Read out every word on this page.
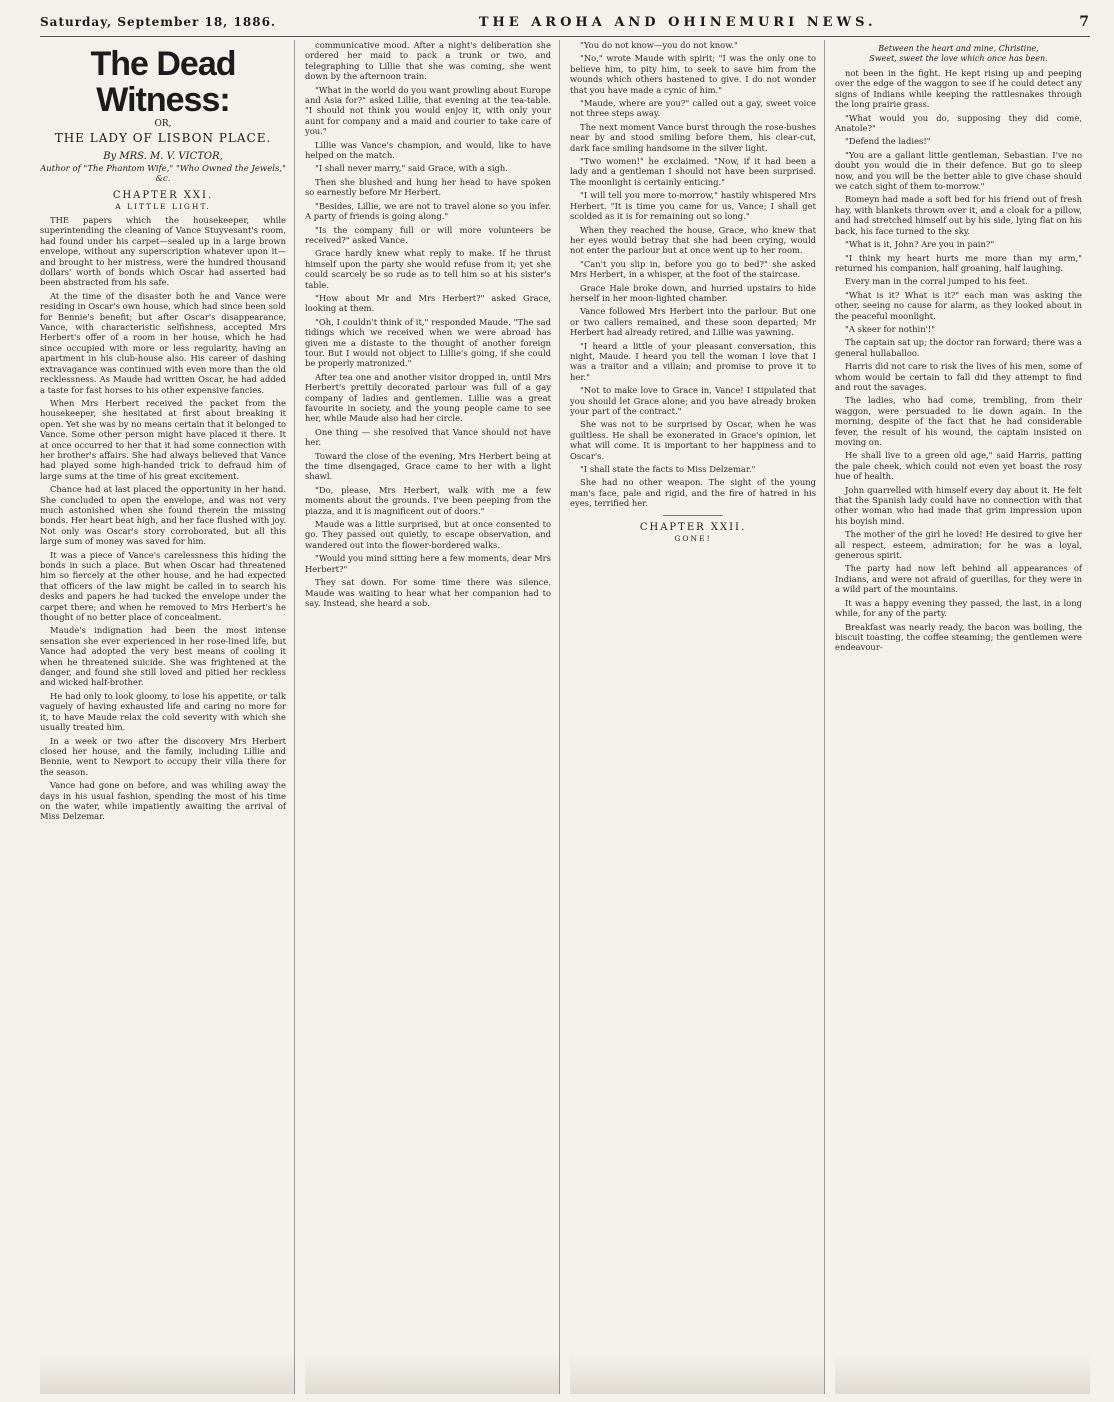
Saturday, September 18, 1886.	THE AROHA AND OHINEMURI NEWS.	7
The Dead Witness:
OR,
THE LADY OF LISBON PLACE.
By MRS. M. V. VICTOR,
Author of "The Phantom Wife," "Who Owned the Jewels," &c.
CHAPTER XXI.
A LITTLE LIGHT.

THE papers which the housekeeper, while superintending the cleaning of Vance Stuyvesant's room, had found under his carpet—sealed up in a large brown envelope, without any superscription whatever upon it—and brought to her mistress, were the hundred thousand dollars' worth of bonds which Oscar had asserted had been abstracted from his safe.

At the time of the disaster both he and Vance were residing in Oscar's own house, which had since been sold for Bennie's benefit; but after Oscar's disappearance, Vance, with characteristic selfishness, accepted Mrs Herbert's offer of a room in her house, which he had since occupied with more or less regularity, having an apartment in his club-house also. His career of dashing extravagance was continued with even more than the old recklessness. As Maude had written Oscar, he had added a taste for fast horses to his other expensive fancies.

When Mrs Herbert received the packet from the housekeeper, she hesitated at first about breaking it open. Yet she was by no means certain that it belonged to Vance. Some other person might have placed it there. It at once occurred to her that it had some connection with her brother's affairs. She had always believed that Vance had played some high-handed trick to defraud him of large sums at the time of his great excitement.

Chance had at last placed the opportunity in her hand. She concluded to open the envelope, and was not very much astonished when she found therein the missing bonds. Her heart beat high, and her face flushed with joy. Not only was Oscar's story corroborated, but all this large sum of money was saved for him.

It was a piece of Vance's carelessness this hiding the bonds in such a place. But when Oscar had threatened him so fiercely at the other house, and he had expected that officers of the law might be called in to search his desks and papers he had tucked the envelope under the carpet there; and when he removed to Mrs Herbert's he thought of no better place of concealment.

Maude's indignation had been the most intense sensation she ever experienced in her rose-lined life, but Vance had adopted the very best means of cooling it when he threatened suicide. She was frightened at the danger, and found she still loved and pitied her reckless and wicked half-brother.

He had only to look gloomy, to lose his appetite, or talk vaguely of having exhausted life and caring no more for it, to have Maude relax the cold severity with which she usually treated him.

In a week or two after the discovery Mrs Herbert closed her house, and the family, including Lillie and Bennie, went to Newport to occupy their villa there for the season.

Vance had gone on before, and was whiling away the days in his usual fashion, spending the most of his time on the water, while impatiently awaiting the arrival of Miss Delzemar.

communicative mood. After a night's deliberation she ordered her maid to pack a trunk or two, and telegraphing to Lillie that she was coming, she went down by the afternoon train.

"What in the world do you want prowling about Europe and Asia for?" asked Lillie, that evening at the tea-table. "I should not think you would enjoy it, with only your aunt for company and a maid and courier to take care of you."

Lillie was Vance's champion, and would, like to have helped on the match.

"I shall never marry," said Grace, with a sigh.

Then she blushed and hung her head to have spoken so earnestly before Mr Herbert.

"Besides, Lillie, we are not to travel alone so you infer. A party of friends is going along."

"Is the company full or will more volunteers be received?" asked Vance.

Grace hardly knew what reply to make. If he thrust himself upon the party she would refuse from it; yet she could scarcely be so rude as to tell him so at his sister's table.

"How about Mr and Mrs Herbert?" asked Grace, looking at them.

"Oh, I couldn't think of it," responded Maude. "The sad tidings which we received when we were abroad has given me a distaste to the thought of another foreign tour. But I would not object to Lillie's going, if she could be properly matronized."

After tea one and another visitor dropped in, until Mrs Herbert's prettily decorated parlour was full of a gay company of ladies and gentlemen. Lillie was a great favourite in society, and the young people came to see her, while Maude also had her circle.

One thing — she resolved that Vance should not have her.

Toward the close of the evening, Mrs Herbert being at the time disengaged, Grace came to her with a light shawl.

"Do, please, Mrs Herbert, walk with me a few moments about the grounds. I've been peeping from the piazza, and it is magnificent out of doors."

Maude was a little surprised, but at once consented to go. They passed out quietly, to escape observation, and wandered out into the flower-bordered walks.

"Would you mind sitting here a few moments, dear Mrs Herbert?"

They sat down. For some time there was silence. Maude was waiting to hear what her companion had to say. Instead, she heard a sob.

"You do not know—you do not know."

"No," wrote Maude with spirit; "I was the only one to believe him, to pity him, to seek to save him from the wounds which others hastened to give. I do not wonder that you have made a cynic of him."

"Maude, where are you?" called out a gay, sweet voice not three steps away.

The next moment Vance burst through the rose-bushes near by and stood smiling before them, his clear-cut, dark face smiling handsome in the silver light.

"Two women!" he exclaimed. "Now, if it had been a lady and a gentleman I should not have been surprised. The moonlight is certainly enticing."

"I will tell you more to-morrow," hastily whispered Mrs Herbert. "It is time you came for us, Vance; I shall get scolded as it is for remaining out so long."

When they reached the house, Grace, who knew that her eyes would betray that she had been crying, would not enter the parlour but at once went up to her room.

"Can't you slip in, before you go to bed?" she asked Mrs Herbert, in a whisper, at the foot of the staircase.

Grace Hale broke down, and hurried upstairs to hide herself in her moon-lighted chamber.

Vance followed Mrs Herbert into the parlour. But one or two callers remained, and these soon departed; Mr Herbert had already retired, and Lillie was yawning.

"I heard a little of your pleasant conversation, this night, Maude. I heard you tell the woman I love that I was a traitor and a villain; and promise to prove it to her."

"Not to make love to Grace in, Vance! I stipulated that you should let Grace alone; and you have already broken your part of the contract."

She was not to be surprised by Oscar, when he was guiltless. He shall be exonerated in Grace's opinion, let what will come. It is important to her happiness and to Oscar's.

"I shall state the facts to Miss Delzemar."

She had no other weapon. The sight of the young man's face, pale and rigid, and the fire of hatred in his eyes, terrified her.

CHAPTER XXII.
GONE!
Between the heart and mine, Christine,
Sweet, sweet the love which once has been.

not been in the fight. He kept rising up and peeping over the edge of the waggon to see if he could detect any signs of Indians while keeping the rattlesnakes through the long prairie grass.

"What would you do, supposing they did come, Anatole?"

"Defend the ladies!"

"You are a gallant little gentleman, Sebastian. I've no doubt you would die in their defence. But go to sleep now, and you will be the better able to give chase should we catch sight of them to-morrow."

Romeyn had made a soft bed for his friend out of fresh hay, with blankets thrown over it, and a cloak for a pillow, and had stretched himself out by his side, lying flat on his back, his face turned to the sky.

"What is it, John? Are you in pain?"

"I think my heart hurts me more than my arm," returned his companion, half groaning, half laughing.

Every man in the corral jumped to his feet.

"What is it? What is it?" each man was asking the other, seeing no cause for alarm, as they looked about in the peaceful moonlight.

"A skeer for nothin'!"

The captain sat up; the doctor ran forward; there was a general hullaballoo.

Harris did not care to risk the lives of his men, some of whom would be certain to fall did they attempt to find and rout the savages.

The ladies, who had come, trembling, from their waggon, were persuaded to lie down again. In the morning, despite of the fact that he had considerable fever, the result of his wound, the captain insisted on moving on.

He shall live to a green old age," said Harris, patting the pale cheek, which could not even yet boast the rosy hue of health.

John quarrelled with himself every day about it. He felt that the Spanish lady could have no connection with that other woman who had made that grim impression upon his boyish mind.

The mother of the girl he loved! He desired to give her all respect, esteem, admiration; for he was a loyal, generous spirit.

The party had now left behind all appearances of Indians, and were not afraid of guerillas, for they were in a wild part of the mountains.

It was a happy evening they passed, the last, in a long while, for any of the party.

Breakfast was nearly ready, the bacon was boiling, the biscuit toasting, the coffee steaming; the gentlemen were endeavour-
